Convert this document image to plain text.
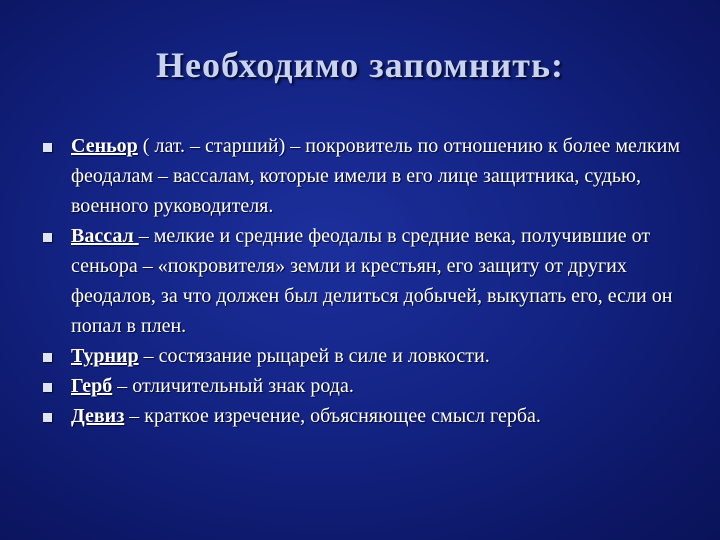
Необходимо запомнить:
Сеньор ( лат. – старший) – покровитель по отношению к более мелким феодалам – вассалам, которые имели в его лице защитника, судью, военного руководителя.
Вассал – мелкие и средние феодалы в средние века, получившие от сеньора – «покровителя» земли и крестьян, его защиту от других феодалов, за что должен был делиться добычей, выкупать его, если он попал в плен.
Турнир – состязание рыцарей в силе и ловкости.
Герб – отличительный знак рода.
Девиз – краткое изречение, объясняющее смысл герба.
